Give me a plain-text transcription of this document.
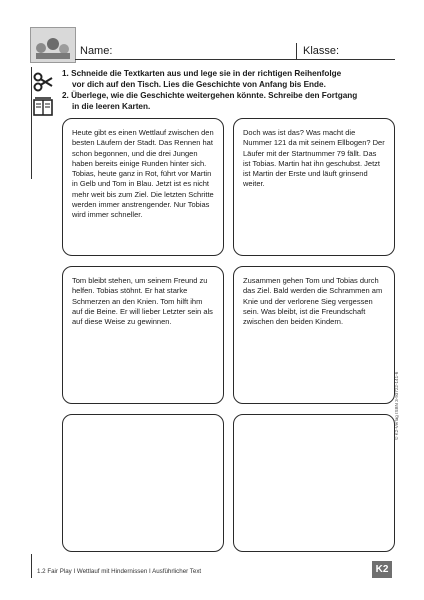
Name:	Klasse:
1. Schneide die Textkarten aus und lege sie in der richtigen Reihenfolge
vor dich auf den Tisch. Lies die Geschichte von Anfang bis Ende.
2. Überlege, wie die Geschichte weitergehen könnte. Schreibe den Fortgang
in die leeren Karten.
Heute gibt es einen Wettlauf zwischen den besten Läufern der Stadt. Das Rennen hat schon begonnen, und die drei Jungen haben bereits einige Runden hinter sich. Tobias, heute ganz in Rot, führt vor Martin in Gelb und Tom in Blau. Jetzt ist es nicht mehr weit bis zum Ziel. Die letzten Schritte werden immer anstrengender. Nur Tobias wird immer schneller.
Doch was ist das? Was macht die Nummer 121 da mit seinem Ellbogen? Der Läufer mit der Startnummer 79 fällt. Das ist Tobias. Martin hat ihn geschubst. Jetzt ist Martin der Erste und läuft grinsend weiter.
Tom bleibt stehen, um seinem Freund zu helfen. Tobias stöhnt. Er hat starke Schmerzen an den Knien. Tom hilft ihm auf die Beine. Er will lieber Letzter sein als auf diese Weise zu gewinnen.
Zusammen gehen Tom und Tobias durch das Ziel. Bald werden die Schrammen am Knie und der verlorene Sieg vergessen sein. Was bleibt, ist die Freundschaft zwischen den beiden Kindern.
© K2-Verlag ISBN 3-93722-141-6
1.2 Fair Play I Wettlauf mit Hindernissen I Ausführlicher Text	K2
